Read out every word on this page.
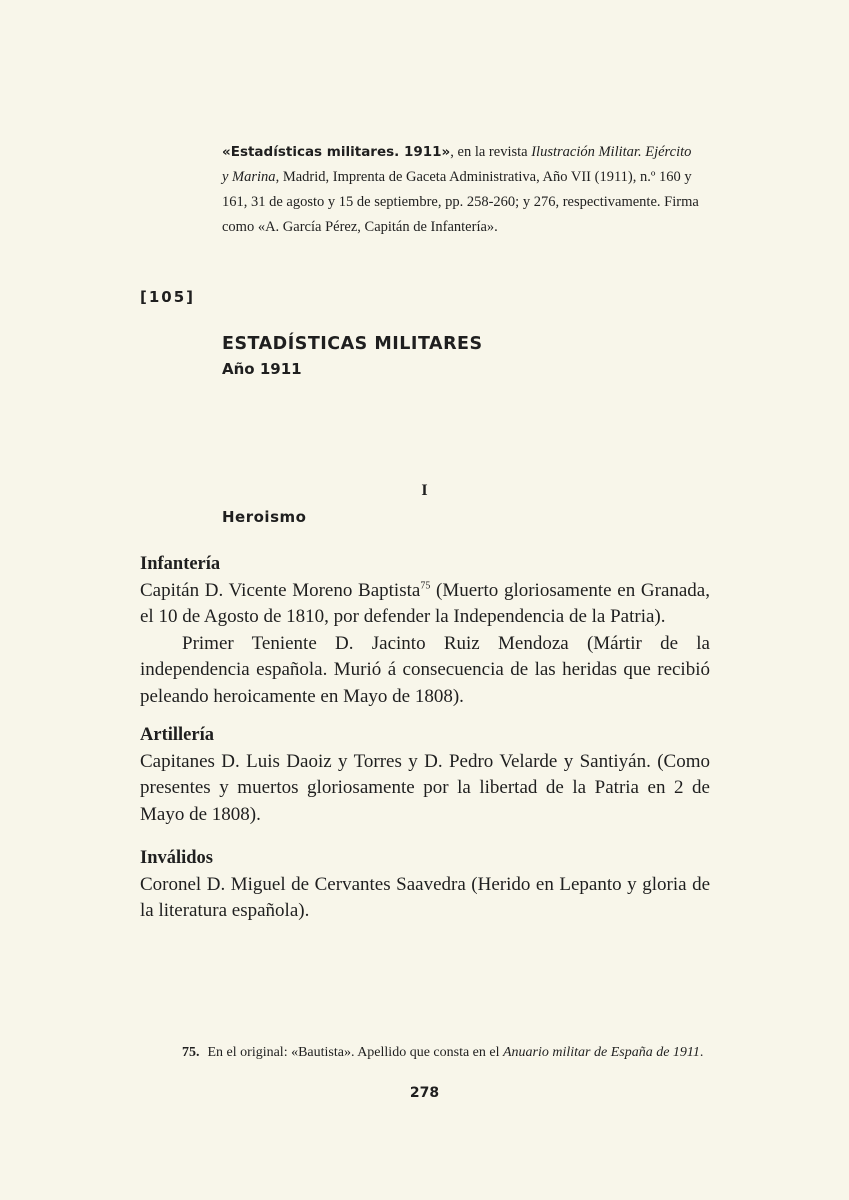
«Estadísticas militares. 1911», en la revista Ilustración Militar. Ejército y Marina, Madrid, Imprenta de Gaceta Administrativa, Año VII (1911), n.º 160 y 161, 31 de agosto y 15 de septiembre, pp. 258-260; y 276, respectivamente. Firma como «A. García Pérez, Capitán de Infantería».
[105]
ESTADÍSTICAS MILITARES
Año 1911
I
Heroismo
Infantería

Capitán D. Vicente Moreno Baptista$^{75}$ (Muerto gloriosamente en Granada, el 10 de Agosto de 1810, por defender la Independencia de la Patria).

Primer Teniente D. Jacinto Ruiz Mendoza (Mártir de la independencia española. Murió á consecuencia de las heridas que recibió peleando heroicamente en Mayo de 1808).

Artillería

Capitanes D. Luis Daoiz y Torres y D. Pedro Velarde y Santiyán. (Como presentes y muertos gloriosamente por la libertad de la Patria en 2 de Mayo de 1808).

Inválidos

Coronel D. Miguel de Cervantes Saavedra (Herido en Lepanto y gloria de la literatura española).

75. En el original: «Bautista». Apellido que consta en el Anuario militar de España de 1911.
278
